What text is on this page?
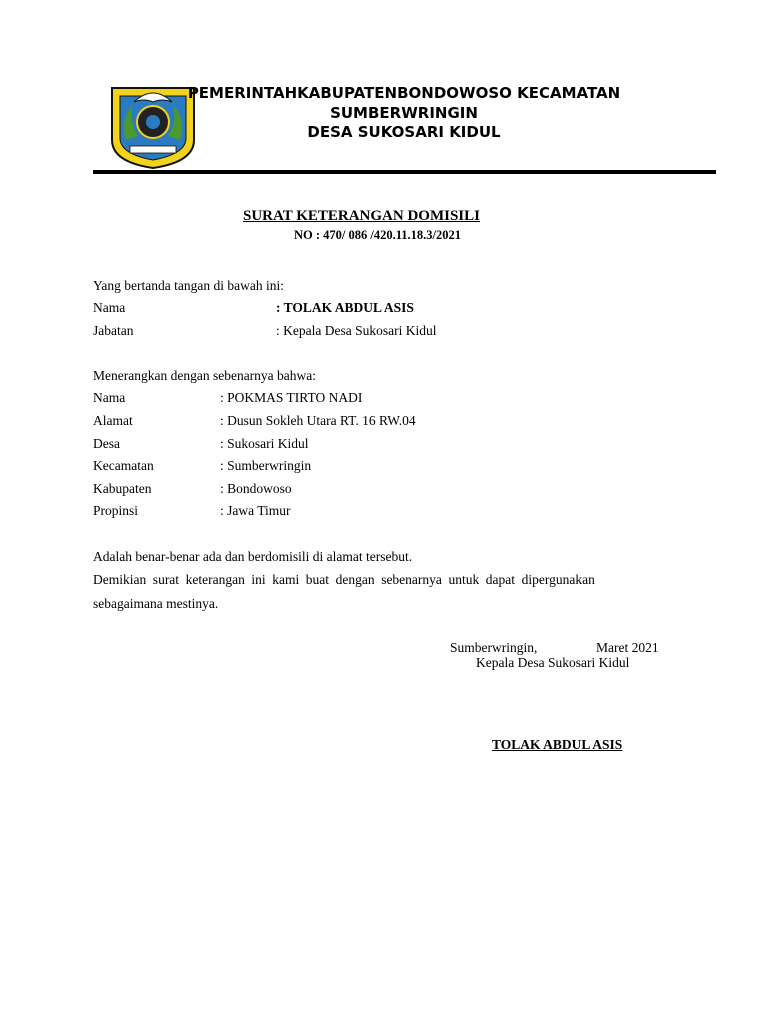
PEMERINTAHKABUPATENBONDOWOSO KECAMATAN
SUMBERWRINGIN
DESA SUKOSARI KIDUL
SURAT KETERANGAN DOMISILI
NO : 470/ 086 /420.11.18.3/2021
Yang bertanda tangan di bawah ini:
Nama	: TOLAK ABDUL ASIS
Jabatan	: Kepala Desa Sukosari Kidul
Menerangkan dengan sebenarnya bahwa:
Nama	: POKMAS TIRTO NADI
Alamat	: Dusun Sokleh Utara RT. 16 RW.04
Desa	: Sukosari Kidul
Kecamatan	: Sumberwringin
Kabupaten	: Bondowoso
Propinsi	: Jawa Timur
Adalah benar-benar ada dan berdomisili di alamat tersebut.
Demikian surat keterangan ini kami buat dengan sebenarnya untuk dapat dipergunakan
sebagaimana mestinya.
Sumberwringin,	Maret 2021
Kepala Desa Sukosari Kidul
TOLAK ABDUL ASIS
